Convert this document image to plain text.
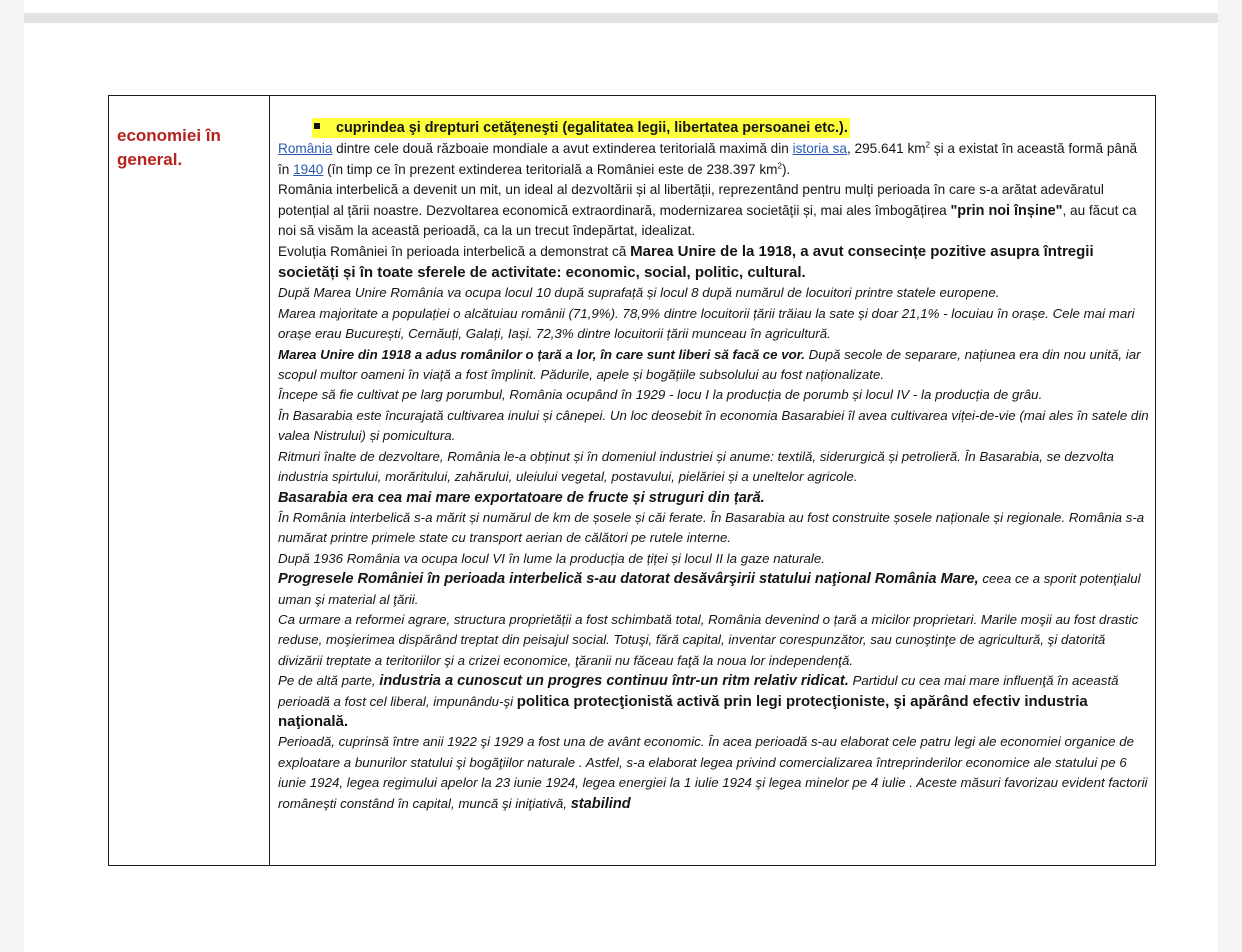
economiei în
general.
cuprindea şi drepturi cetăţeneşti (egalitatea legii, libertatea persoanei etc.).

România dintre cele două războaie mondiale a avut extinderea teritorială maximă din istoria sa, 295.641 $km^2$ și a existat în această formă până în 1940 (în timp ce în prezent extinderea teritorială a României este de 238.397 $km^2$).

România interbelică a devenit un mit, un ideal al dezvoltării și al libertății, reprezentând pentru mulți perioada în care s-a arătat adevăratul potențial al țării noastre. Dezvoltarea economică extraordinară, modernizarea societății și, mai ales îmbogățirea "prin noi înșine", au făcut ca noi să visăm la această perioadă, ca la un trecut îndepărtat, idealizat.

Evoluția României în perioada interbelică a demonstrat că Marea Unire de la 1918, a avut consecințe pozitive asupra întregii societăți și în toate sferele de activitate: economic, social, politic, cultural.

După Marea Unire România va ocupa locul 10 după suprafață și locul 8 după numărul de locuitori printre statele europene.

Marea majoritate a populației o alcătuiau românii (71,9%). 78,9% dintre locuitorii țării trăiau la sate și doar 21,1% - locuiau în orașe. Cele mai mari orașe erau București, Cernăuți, Galați, Iași. 72,3% dintre locuitorii țării munceau în agricultură.

Marea Unire din 1918 a adus românilor o țară a lor, în care sunt liberi să facă ce vor. După secole de separare, națiunea era din nou unită, iar scopul multor oameni în viață a fost împlinit. Pădurile, apele și bogățiile subsolului au fost naționalizate.

Începe să fie cultivat pe larg porumbul, România ocupând în 1929 - locu I la producția de porumb și locul IV - la producția de grâu.

În Basarabia este încurajată cultivarea inului și cânepei. Un loc deosebit în economia Basarabiei îl avea cultivarea viței-de-vie (mai ales în satele din valea Nistrului) și pomicultura.

Ritmuri înalte de dezvoltare, România le-a obținut și în domeniul industriei și anume: textilă, siderurgică și petrolieră. În Basarabia, se dezvolta industria spirtului, morăritului, zahărului, uleiului vegetal, postavului, pielăriei și a uneltelor agricole.

Basarabia era cea mai mare exportatoare de fructe și struguri din țară.

În România interbelică s-a mărit și numărul de km de șosele și căi ferate. În Basarabia au fost construite șosele naționale și regionale. România s-a numărat printre primele state cu transport aerian de călători pe rutele interne.

După 1936 România va ocupa locul VI în lume la producția de țiței și locul II la gaze naturale.

Progresele României în perioada interbelică s-au datorat desăvârşirii statului naţional România Mare, ceea ce a sporit potenţialul uman şi material al ţării.

Ca urmare a reformei agrare, structura proprietății a fost schimbată total, România devenind o țară a micilor proprietari. Marile moşii au fost drastic reduse, moşierimea dispărând treptat din peisajul social. Totuşi, fără capital, inventar corespunzător, sau cunoştinţe de agricultură, şi datorită divizării treptate a teritoriilor şi a crizei economice, ţăranii nu făceau faţă la noua lor independenţă.

Pe de altă parte, industria a cunoscut un progres continuu într-un ritm relativ ridicat. Partidul cu cea mai mare influenţă în această perioadă a fost cel liberal, impunându-şi politica protecţionistă activă prin legi protecţioniste, şi apărând efectiv industria naţională.

Perioadă, cuprinsă între anii 1922 şi 1929 a fost una de avânt economic. În acea perioadă s-au elaborat cele patru legi ale economiei organice de exploatare a bunurilor statului şi bogăţiilor naturale . Astfel, s-a elaborat legea privind comercializarea întreprinderilor economice ale statului pe 6 iunie 1924, legea regimului apelor la 23 iunie 1924, legea energiei la 1 iulie 1924 şi legea minelor pe 4 iulie . Aceste măsuri favorizau evident factorii româneşti constând în capital, muncă şi iniţiativă, stabilind
